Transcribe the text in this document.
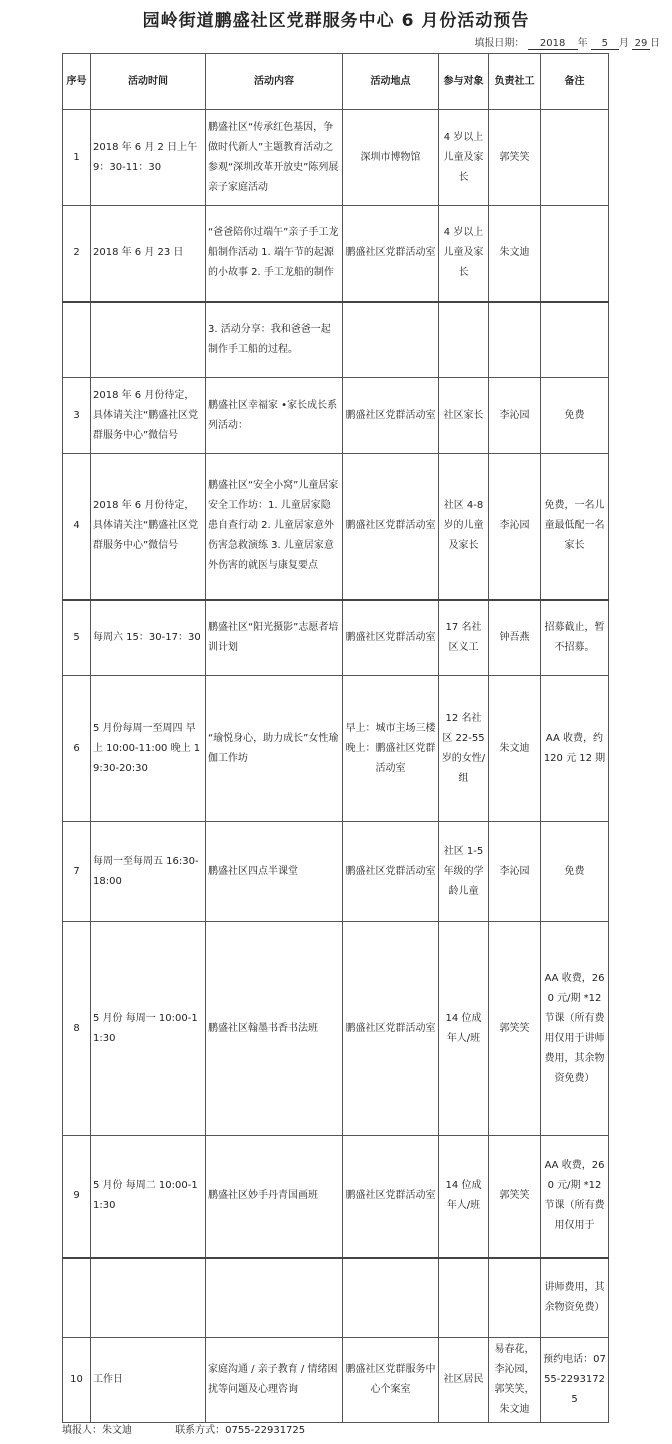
园岭街道鹏盛社区党群服务中心 6 月份活动预告
填报日期： 2018 年 5 月 29 日
序号	活动时间	活动内容	活动地点	参与对象	负责社工	备注
1	2018 年 6 月 2 日上午 9：30-11：30	鹏盛社区“传承红色基因，争做时代新人”主题教育活动之参观“深圳改革开放史”陈列展亲子家庭活动	深圳市博物馆	4 岁以上儿童及家长	郭笑笑	
2	2018 年 6 月 23 日	“爸爸陪你过端午”亲子手工龙船制作活动 1. 端午节的起源的小故事 2. 手工龙船的制作	鹏盛社区党群活动室	4 岁以上儿童及家长	朱文迪	
		3. 活动分享：我和爸爸一起制作手工船的过程。				
3	2018 年 6 月份待定，具体请关注“鹏盛社区党群服务中心”微信号	鹏盛社区幸福家 •家长成长系列活动：	鹏盛社区党群活动室	社区家长	李沁园	免费
4	2018 年 6 月份待定，具体请关注“鹏盛社区党群服务中心”微信号	鹏盛社区“安全小窝”儿童居家安全工作坊：1. 儿童居家隐患自查行动 2. 儿童居家意外伤害急救演练 3. 儿童居家意外伤害的就医与康复要点	鹏盛社区党群活动室	社区 4-8 岁的儿童及家长	李沁园	免费，一名儿童最低配一名家长
5	每周六 15：30-17：30	鹏盛社区“阳光摄影”志愿者培训计划	鹏盛社区党群活动室	17 名社区义工	钟吾燕	招募截止，暂不招募。
6	5 月份每周一至周四 早上 10:00-11:00 晚上 19:30-20:30	“瑜悦身心，助力成长”女性瑜伽工作坊	早上：城市主场三楼 晚上：鹏盛社区党群活动室	12 名社区 22-55 岁的女性/组	朱文迪	AA 收费，约 120 元 12 期
7	每周一至每周五 16:30-18:00	鹏盛社区四点半课堂	鹏盛社区党群活动室	社区 1-5 年级的学龄儿童	李沁园	免费
8	5 月份 每周一 10:00-11:30	鹏盛社区翰墨书香书法班	鹏盛社区党群活动室	14 位成年人/班	郭笑笑	AA 收费，260 元/期 *12 节课（所有费用仅用于讲师费用，其余物资免费）
9	5 月份 每周二 10:00-11:30	鹏盛社区妙手丹青国画班	鹏盛社区党群活动室	14 位成年人/班	郭笑笑	AA 收费，260 元/期 *12 节课（所有费用仅用于
						讲师费用，其余物资免费）
10	工作日	家庭沟通 / 亲子教育 / 情绪困扰等问题及心理咨询	鹏盛社区党群服务中心个案室	社区居民	易春花，李沁园，郭笑笑，朱文迪	预约电话：0755-22931725
填报人：朱文迪	联系方式：0755-22931725
